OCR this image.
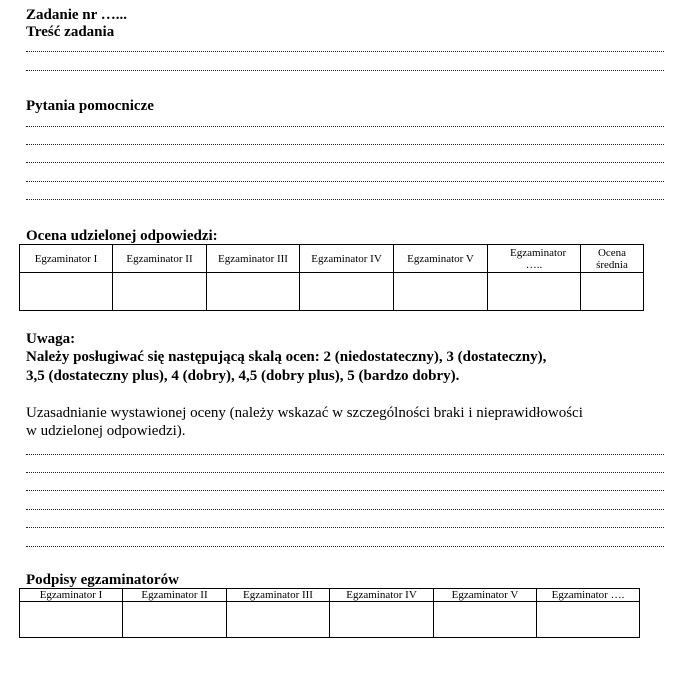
Zadanie nr …...
Treść zadania
Pytania pomocnicze
Ocena udzielonej odpowiedzi:
Egzaminator I	Egzaminator II	Egzaminator III	Egzaminator IV	Egzaminator V	Egzaminator …..	Ocena średnia

Uwaga:
Należy posługiwać się następującą skalą ocen: 2 (niedostateczny), 3 (dostateczny),
3,5 (dostateczny plus), 4 (dobry), 4,5 (dobry plus), 5 (bardzo dobry).
Uzasadnianie wystawionej oceny (należy wskazać w szczególności braki i nieprawidłowości
w udzielonej odpowiedzi).
Podpisy egzaminatorów
Egzaminator I	Egzaminator II	Egzaminator III	Egzaminator IV	Egzaminator V	Egzaminator ….
